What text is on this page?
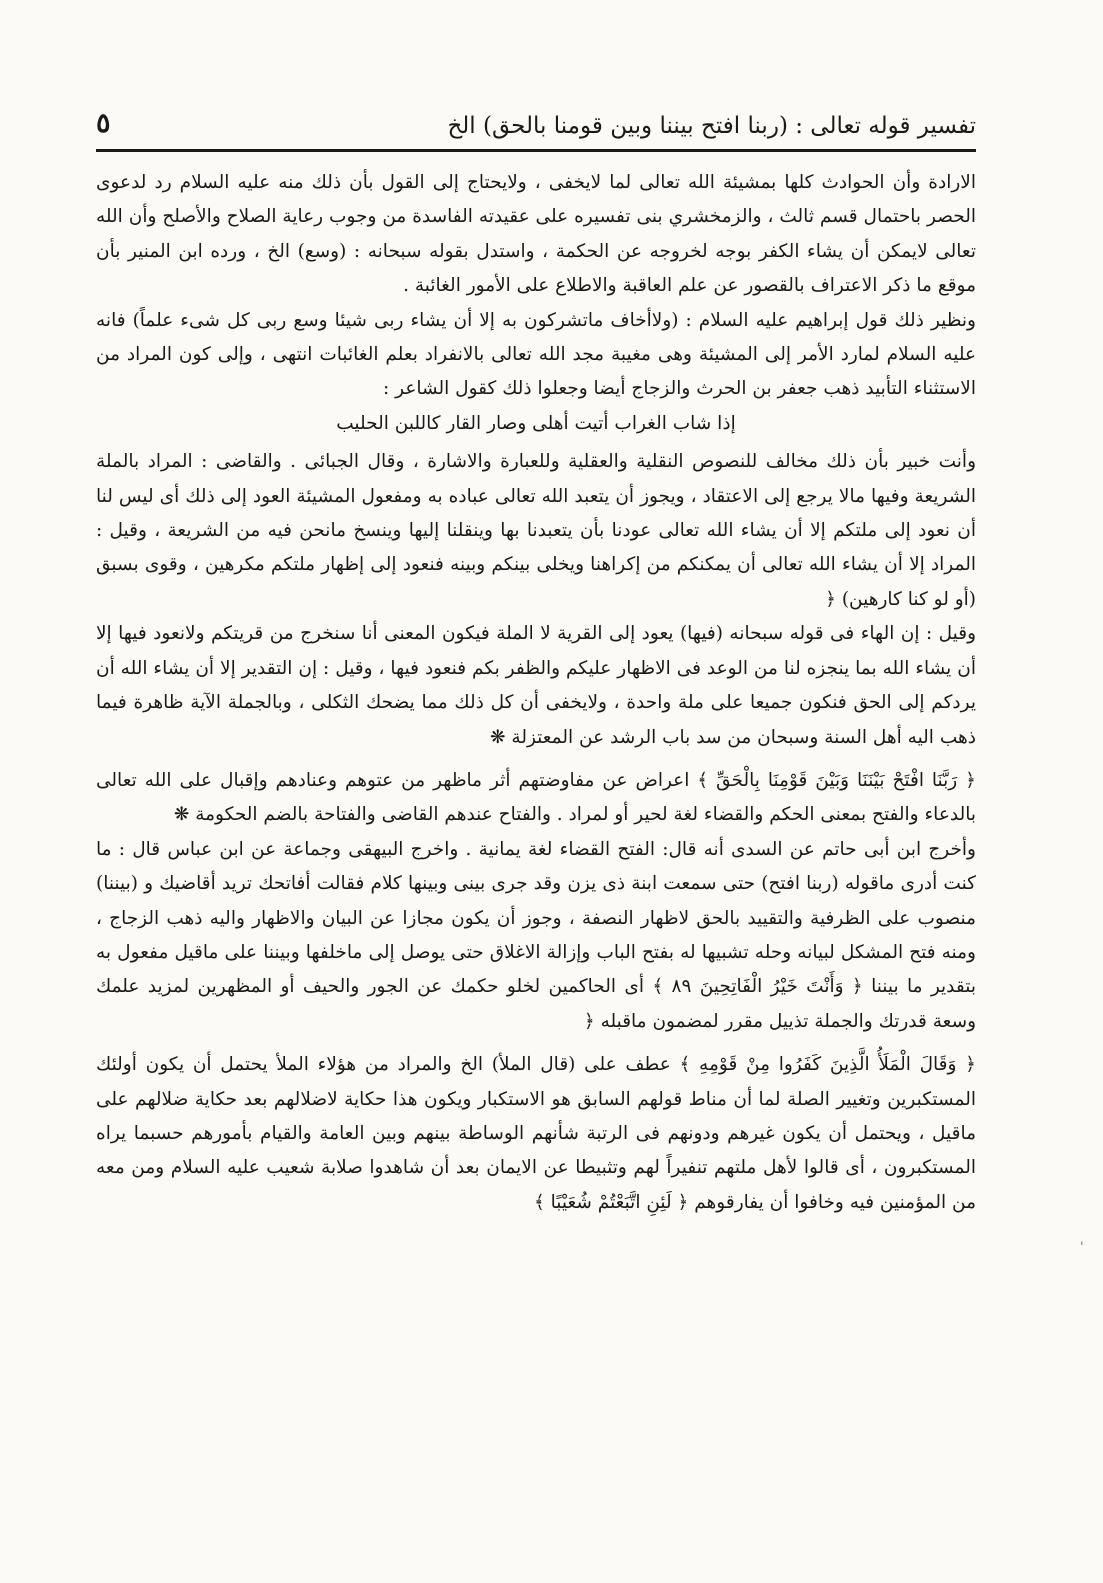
تفسير قوله تعالى : (ربنا افتح بيننا وبين قومنا بالحق) الخ
٥

الارادة وأن الحوادث كلها بمشيئة الله تعالى لما لايخفى ، ولايحتاج إلى القول بأن ذلك منه عليه السلام رد لدعوى الحصر باحتمال قسم ثالث ، والزمخشري بنى تفسيره على عقيدته الفاسدة من وجوب رعاية الصلاح والأصلح وأن الله تعالى لايمكن أن يشاء الكفر بوجه لخروجه عن الحكمة ، واستدل بقوله سبحانه : (وسع) الخ ، ورده ابن المنير بأن موقع ما ذكر الاعتراف بالقصور عن علم العاقبة والاطلاع على الأمور الغائبة .

ونظير ذلك قول إبراهيم عليه السلام : (ولاأخاف ماتشركون به إلا أن يشاء ربى شيئا وسع ربى كل شىء علماً) فانه عليه السلام لمارد الأمر إلى المشيئة وهى مغيبة مجد الله تعالى بالانفراد بعلم الغائبات انتهى ، وإلى كون المراد من الاستثناء التأبيد ذهب جعفر بن الحرث والزجاج أيضا وجعلوا ذلك كقول الشاعر :

إذا شاب الغراب أتيت أهلى وصار القار كاللبن الحليب

وأنت خبير بأن ذلك مخالف للنصوص النقلية والعقلية وللعبارة والاشارة ، وقال الجبائى . والقاضى : المراد بالملة الشريعة وفيها مالا يرجع إلى الاعتقاد ، ويجوز أن يتعبد الله تعالى عباده به ومفعول المشيئة العود إلى ذلك أى ليس لنا أن نعود إلى ملتكم إلا أن يشاء الله تعالى عودنا بأن يتعبدنا بها وينقلنا إليها وينسخ مانحن فيه من الشريعة ، وقيل : المراد إلا أن يشاء الله تعالى أن يمكنكم من إكراهنا ويخلى بينكم وبينه فنعود إلى إظهار ملتكم مكرهين ، وقوى بسبق (أو لو كنا كارهين) ﴿

وقيل : إن الهاء فى قوله سبحانه (فيها) يعود إلى القرية لا الملة فيكون المعنى أنا سنخرج من قريتكم ولانعود فيها إلا أن يشاء الله بما ينجزه لنا من الوعد فى الاظهار عليكم والظفر بكم فنعود فيها ، وقيل : إن التقدير إلا أن يشاء الله أن يردكم إلى الحق فنكون جميعا على ملة واحدة ، ولايخفى أن كل ذلك مما يضحك الثكلى ، وبالجملة الآية ظاهرة فيما ذهب اليه أهل السنة وسبحان من سد باب الرشد عن المعتزلة ❋

﴿ رَبَّنَا افْتَحْ بَيْنَنَا وَبَيْنَ قَوْمِنَا بِالْحَقِّ ﴾ اعراض عن مفاوضتهم أثر ماظهر من عتوهم وعنادهم وإقبال على الله تعالى بالدعاء والفتح بمعنى الحكم والقضاء لغة لحير أو لمراد . والفتاح عندهم القاضى والفتاحة بالضم الحكومة ❋

وأخرج ابن أبى حاتم عن السدى أنه قال: الفتح القضاء لغة يمانية . واخرج البيهقى وجماعة عن ابن عباس قال : ما كنت أدرى ماقوله (ربنا افتح) حتى سمعت ابنة ذى يزن وقد جرى بينى وبينها كلام فقالت أفاتحك تريد أقاضيك و (بيننا) منصوب على الظرفية والتقييد بالحق لاظهار النصفة ، وجوز أن يكون مجازا عن البيان والاظهار واليه ذهب الزجاج ، ومنه فتح المشكل لبيانه وحله تشبيها له بفتح الباب وإزالة الاغلاق حتى يوصل إلى ماخلفها وبيننا على ماقيل مفعول به بتقدير ما بيننا ﴿ وَأَنْتَ خَيْرُ الْفَاتِحِينَ ٨٩ ﴾ أى الحاكمين لخلو حكمك عن الجور والحيف أو المظهرين لمزيد علمك وسعة قدرتك والجملة تذييل مقرر لمضمون ماقبله ﴿

﴿ وَقَالَ الْمَلَأُ الَّذِينَ كَفَرُوا مِنْ قَوْمِهِ ﴾ عطف على (قال الملأ) الخ والمراد من هؤلاء الملأ يحتمل أن يكون أولئك المستكبرين وتغيير الصلة لما أن مناط قولهم السابق هو الاستكبار ويكون هذا حكاية لاضلالهم بعد حكاية ضلالهم على ماقيل ، ويحتمل أن يكون غيرهم ودونهم فى الرتبة شأنهم الوساطة بينهم وبين العامة والقيام بأمورهم حسبما يراه المستكبرون ، أى قالوا لأهل ملتهم تنفيراً لهم وتثبيطا عن الايمان بعد أن شاهدوا صلابة شعيب عليه السلام ومن معه من المؤمنين فيه وخافوا أن يفارقوهم ﴿ لَئِنِ اتَّبَعْتُمْ شُعَيْبًا ﴾

'
